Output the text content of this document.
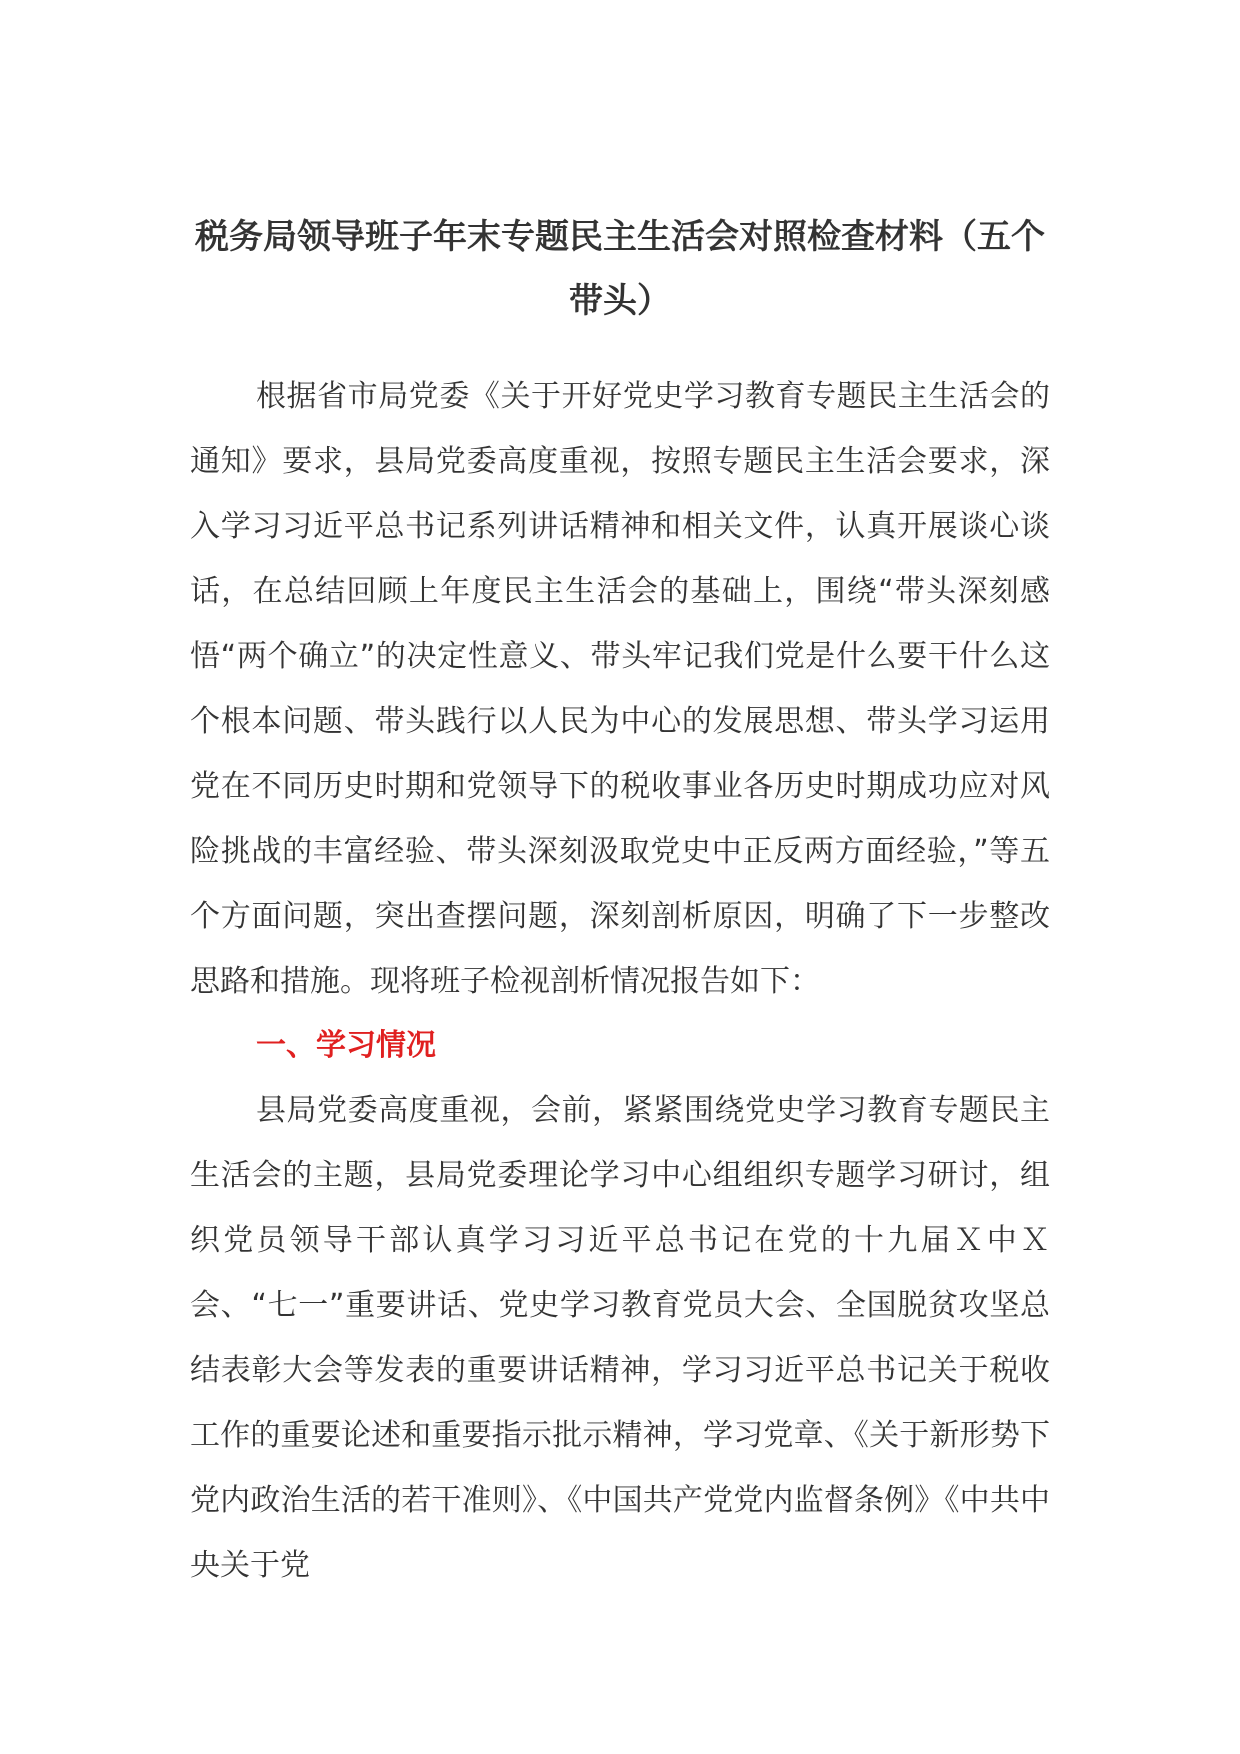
税务局领导班子年末专题民主生活会对照检查材料（五个带头）

根据省市局党委《关于开好党史学习教育专题民主生活会的通知》要求，县局党委高度重视，按照专题民主生活会要求，深入学习习近平总书记系列讲话精神和相关文件，认真开展谈心谈话，在总结回顾上年度民主生活会的基础上，围绕“带头深刻感悟“两个确立”的决定性意义、带头牢记我们党是什么要干什么这个根本问题、带头践行以人民为中心的发展思想、带头学习运用党在不同历史时期和党领导下的税收事业各历史时期成功应对风险挑战的丰富经验、带头深刻汲取党史中正反两方面经验，”等五个方面问题，突出查摆问题，深刻剖析原因，明确了下一步整改思路和措施。现将班子检视剖析情况报告如下：

一、学习情况

县局党委高度重视，会前，紧紧围绕党史学习教育专题民主生活会的主题，县局党委理论学习中心组组织专题学习研讨，组织党员领导干部认真学习习近平总书记在党的十九届Ｘ中Ｘ会、“七一”重要讲话、党史学习教育党员大会、全国脱贫攻坚总结表彰大会等发表的重要讲话精神，学习习近平总书记关于税收工作的重要论述和重要指示批示精神，学习党章、《关于新形势下党内政治生活的若干准则》、《中国共产党党内监督条例》《中共中央关于党
